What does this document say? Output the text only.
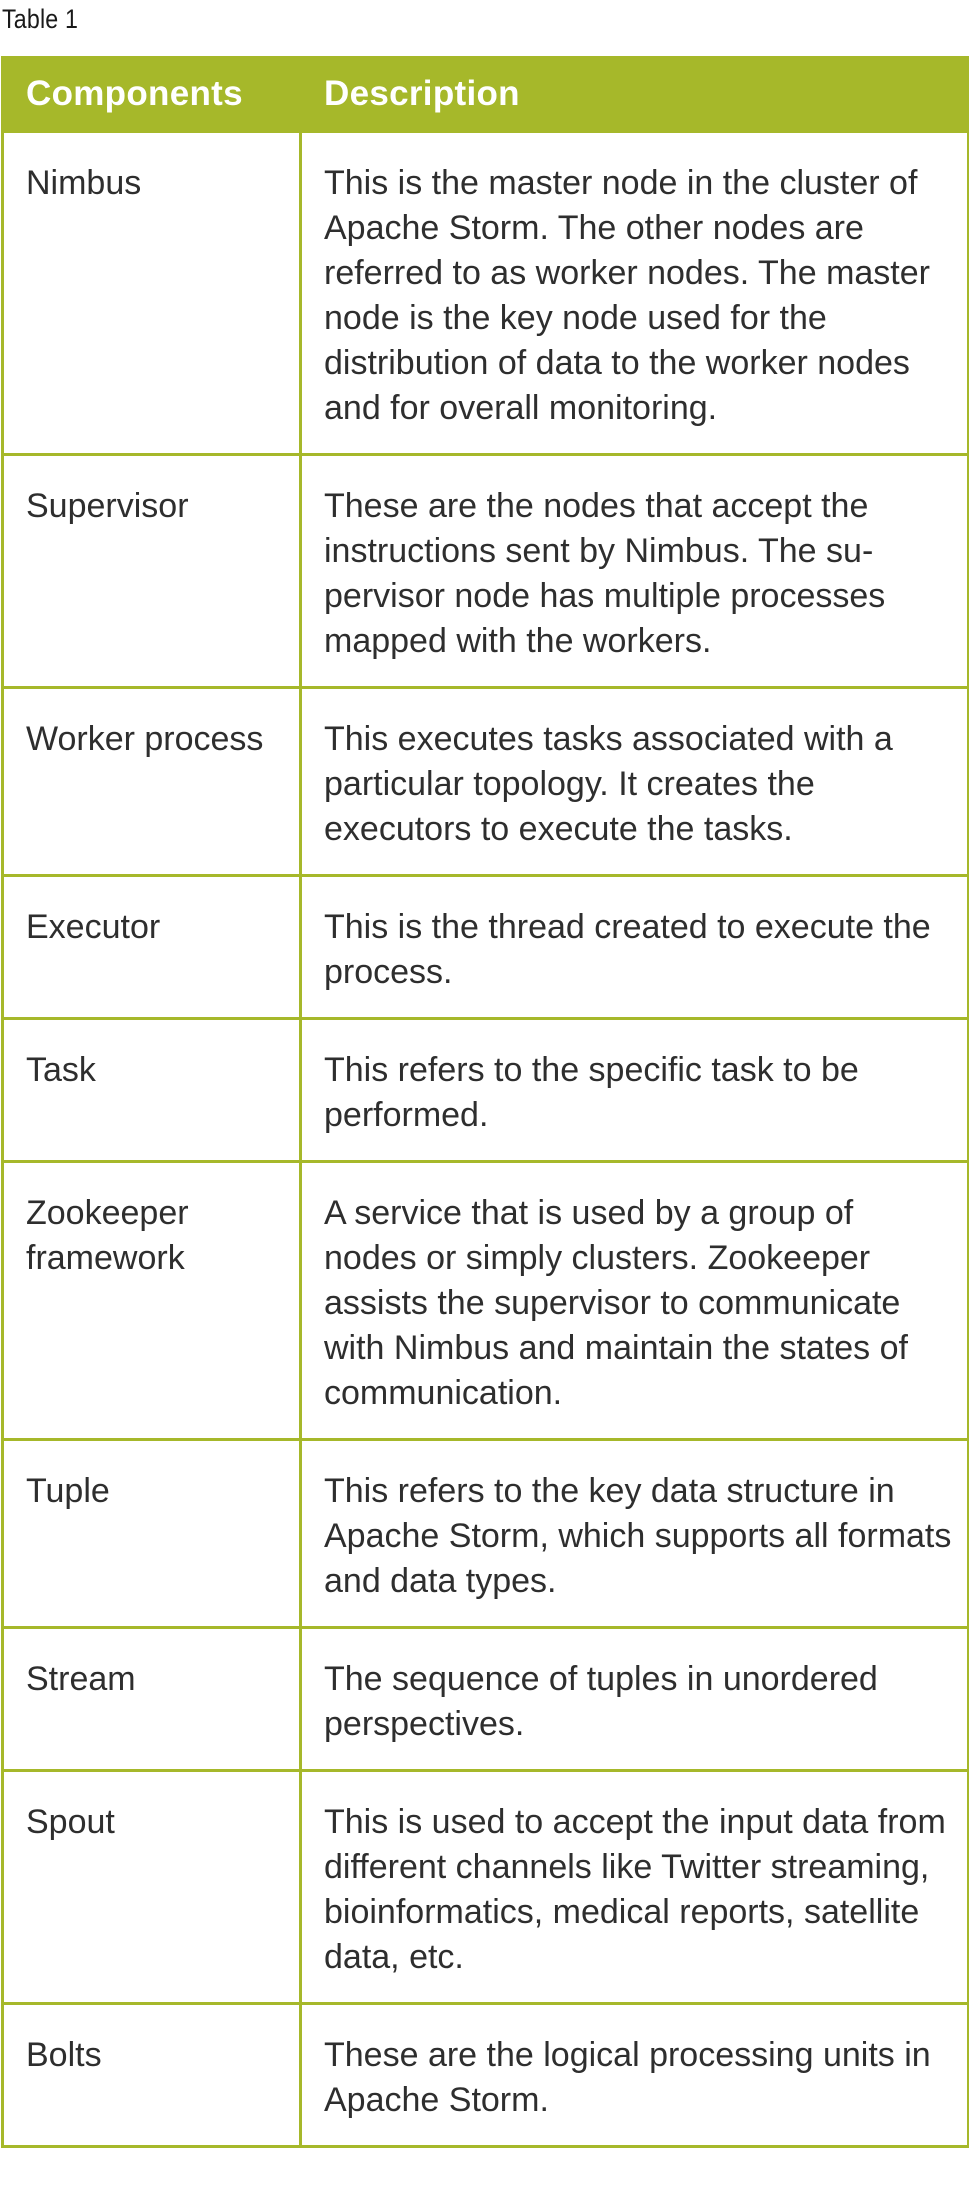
Table 1
Components	Description
Nimbus	This is the master node in the cluster of Apache Storm. The other nodes are referred to as worker nodes. The master node is the key node used for the distribution of data to the worker nodes and for overall monitoring.
Supervisor	These are the nodes that accept the instructions sent by Nimbus. The su-pervisor node has multiple processes mapped with the workers.
Worker process	This executes tasks associated with a particular topology. It creates the executors to execute the tasks.
Executor	This is the thread created to execute the process.
Task	This refers to the specific task to be performed.
Zookeeper framework	A service that is used by a group of nodes or simply clusters. Zookeeper assists the supervisor to communicate with Nimbus and maintain the states of communication.
Tuple	This refers to the key data structure in Apache Storm, which supports all formats and data types.
Stream	The sequence of tuples in unordered perspectives.
Spout	This is used to accept the input data from different channels like Twitter streaming, bioinformatics, medical reports, satellite data, etc.
Bolts	These are the logical processing units in Apache Storm.
